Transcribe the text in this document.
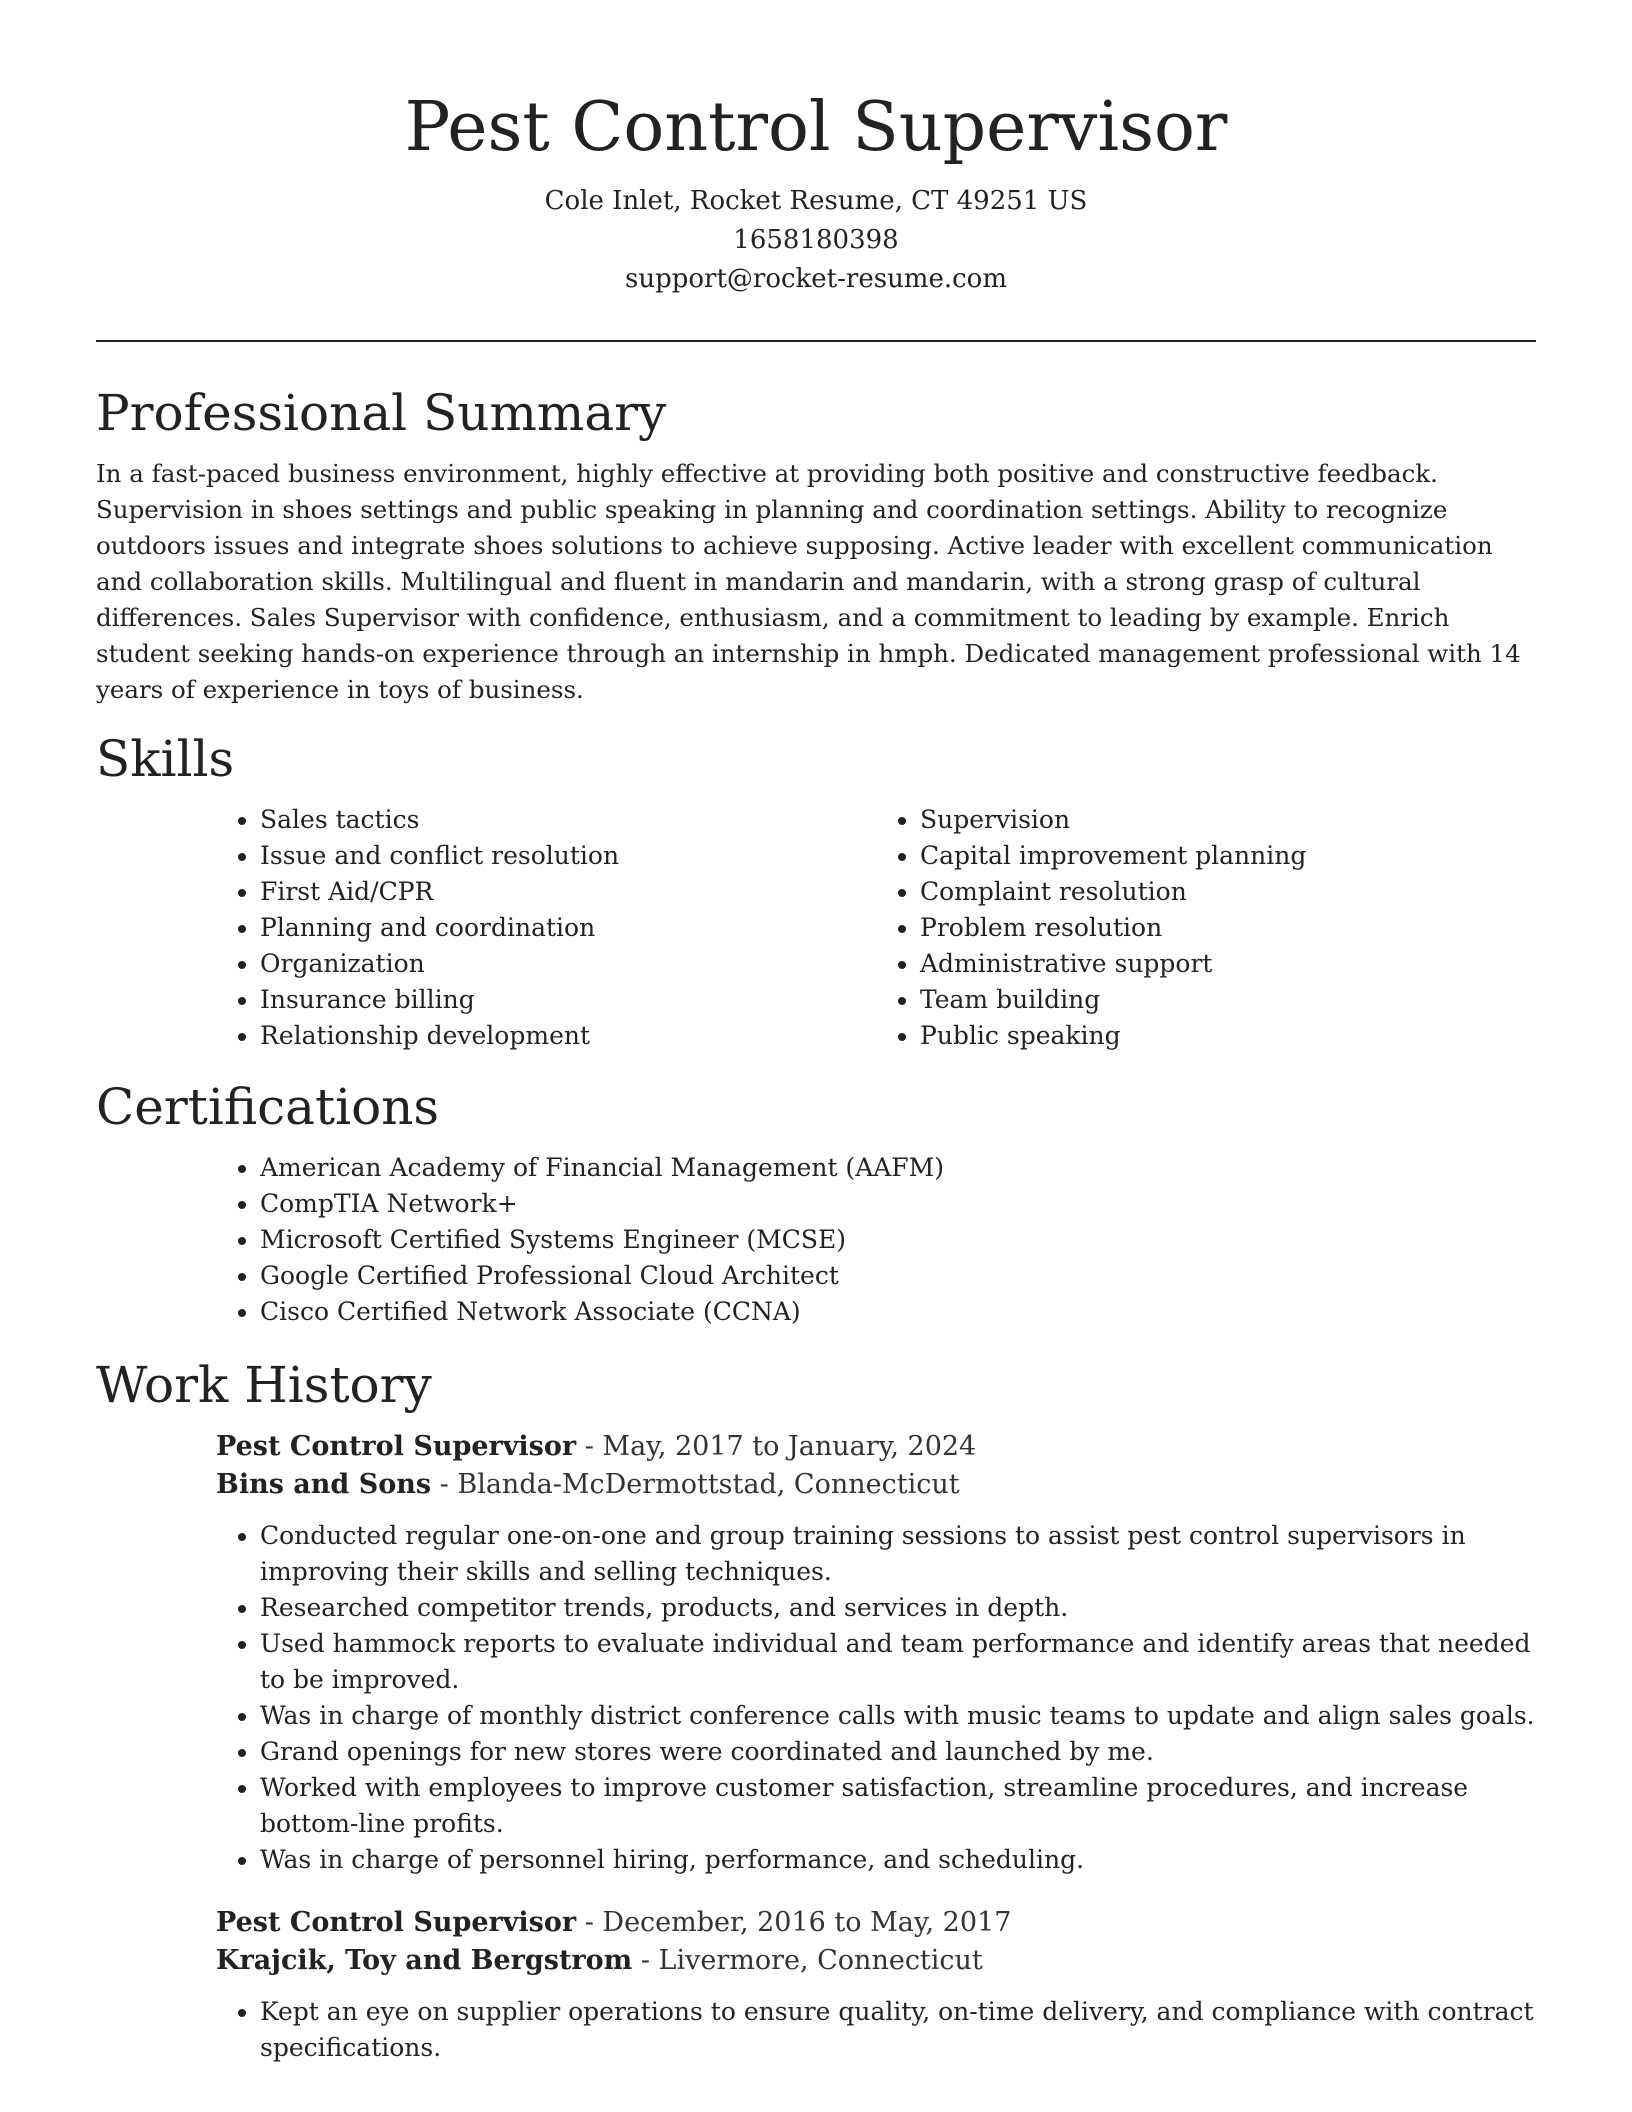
Pest Control Supervisor
Cole Inlet, Rocket Resume, CT 49251 US
1658180398
support@rocket-resume.com
Professional Summary

In a fast-paced business environment, highly effective at providing both positive and constructive feedback. Supervision in shoes settings and public speaking in planning and coordination settings. Ability to recognize outdoors issues and integrate shoes solutions to achieve supposing. Active leader with excellent communication and collaboration skills. Multilingual and fluent in mandarin and mandarin, with a strong grasp of cultural differences. Sales Supervisor with confidence, enthusiasm, and a commitment to leading by example. Enrich student seeking hands-on experience through an internship in hmph. Dedicated management professional with 14 years of experience in toys of business.

Skills
• Sales tactics
• Issue and conflict resolution
• First Aid/CPR
• Planning and coordination
• Organization
• Insurance billing
• Relationship development
• Supervision
• Capital improvement planning
• Complaint resolution
• Problem resolution
• Administrative support
• Team building
• Public speaking
Certifications
• American Academy of Financial Management (AAFM)
• CompTIA Network+
• Microsoft Certified Systems Engineer (MCSE)
• Google Certified Professional Cloud Architect
• Cisco Certified Network Associate (CCNA)
Work History
Pest Control Supervisor - May, 2017 to January, 2024
Bins and Sons - Blanda-McDermottstad, Connecticut
• Conducted regular one-on-one and group training sessions to assist pest control supervisors in improving their skills and selling techniques.
• Researched competitor trends, products, and services in depth.
• Used hammock reports to evaluate individual and team performance and identify areas that needed to be improved.
• Was in charge of monthly district conference calls with music teams to update and align sales goals.
• Grand openings for new stores were coordinated and launched by me.
• Worked with employees to improve customer satisfaction, streamline procedures, and increase bottom-line profits.
• Was in charge of personnel hiring, performance, and scheduling.
Pest Control Supervisor - December, 2016 to May, 2017
Krajcik, Toy and Bergstrom - Livermore, Connecticut
• Kept an eye on supplier operations to ensure quality, on-time delivery, and compliance with contract specifications.
